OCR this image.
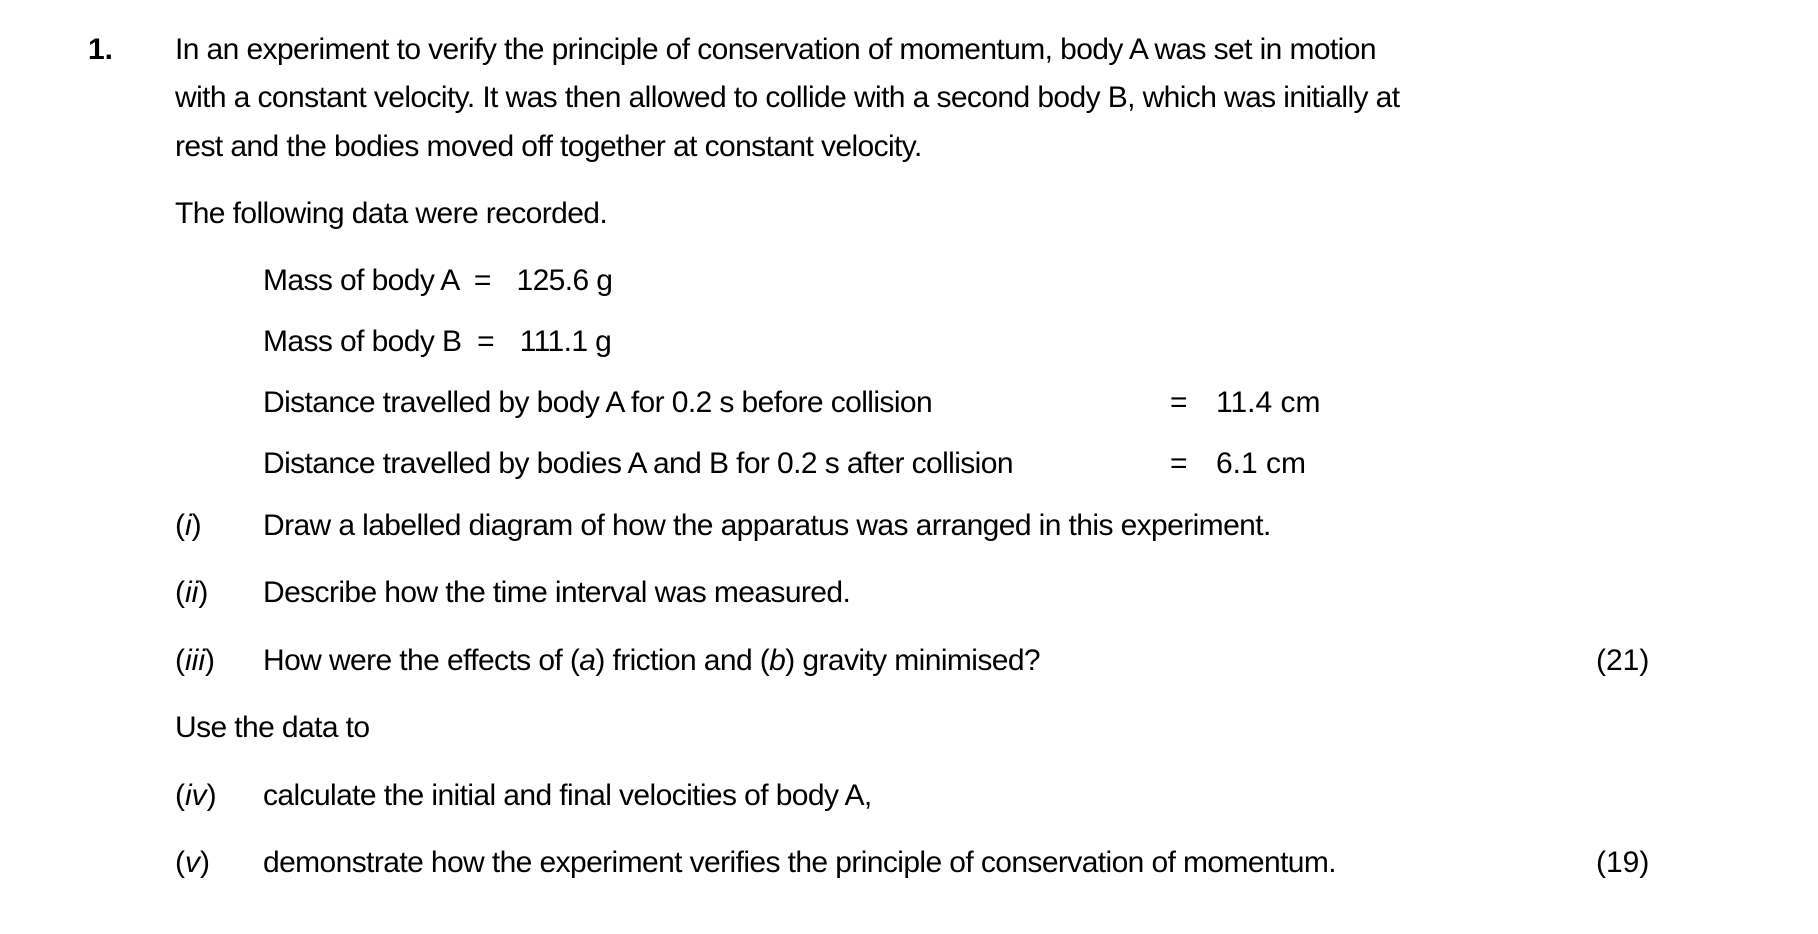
1. In an experiment to verify the principle of conservation of momentum, body A was set in motion
with a constant velocity. It was then allowed to collide with a second body B, which was initially at
rest and the bodies moved off together at constant velocity.
The following data were recorded.
Mass of body A = 125.6 g
Mass of body B = 111.1 g
Distance travelled by body A for 0.2 s before collision	= 11.4 cm
Distance travelled by bodies A and B for 0.2 s after collision	= 6.1 cm
(i) Draw a labelled diagram of how the apparatus was arranged in this experiment.
(ii) Describe how the time interval was measured.
(iii) How were the effects of (a) friction and (b) gravity minimised?	(21)
Use the data to
(iv) calculate the initial and final velocities of body A,
(v) demonstrate how the experiment verifies the principle of conservation of momentum.	(19)
